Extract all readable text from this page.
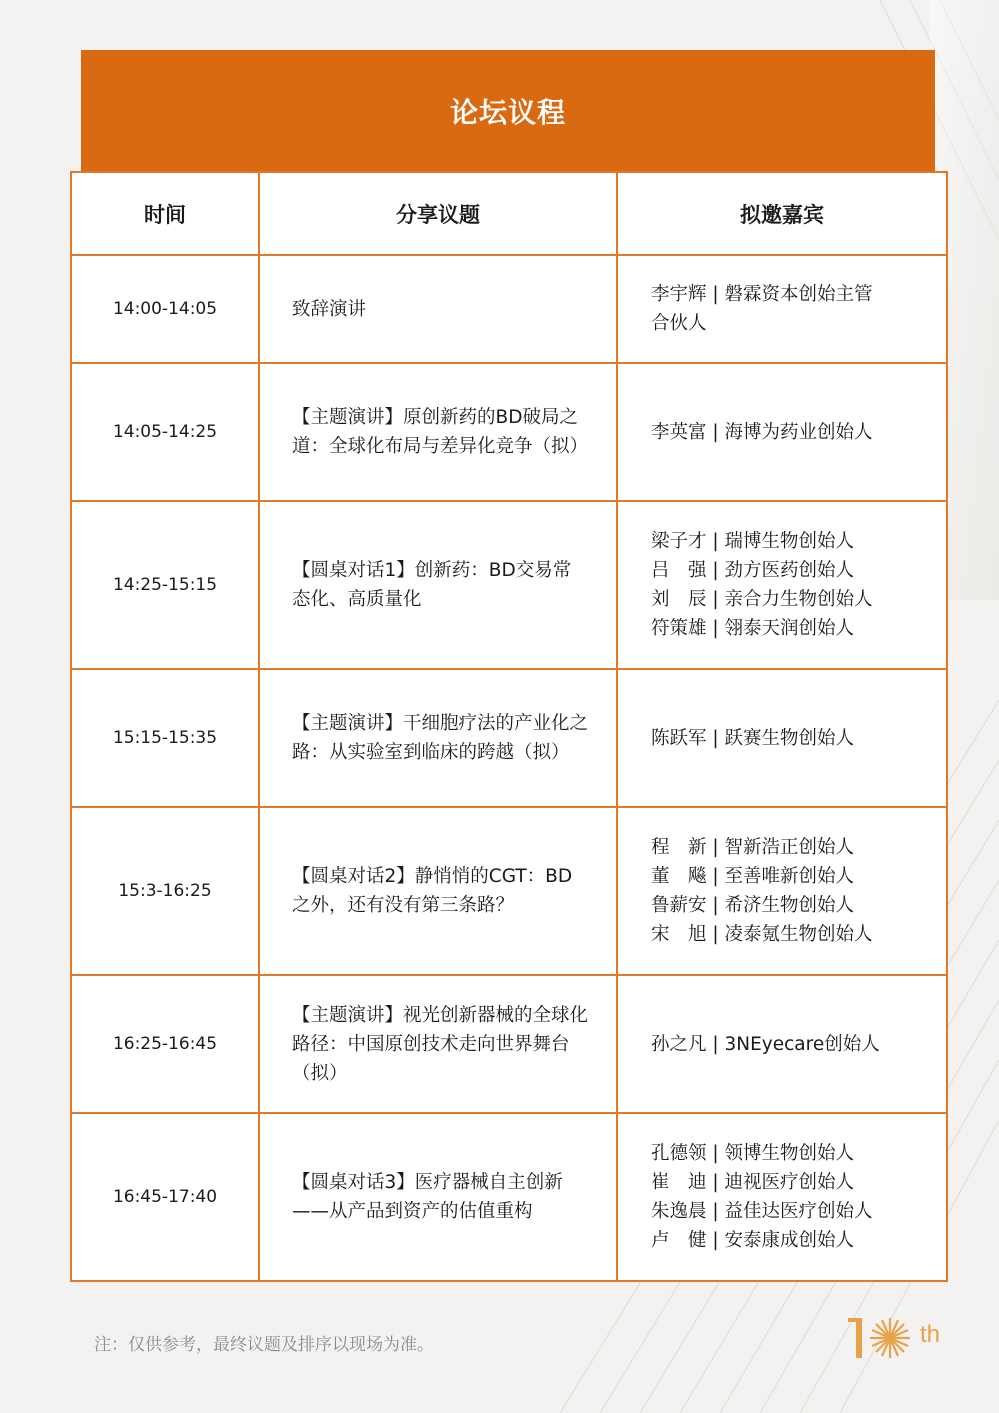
论坛议程
时间	分享议题	拟邀嘉宾
14:00-14:05	致辞演讲	李宇辉 | 磐霖资本创始主管
合伙人

14:05-14:25	【主题演讲】原创新药的BD破局之道：全球化布局与差异化竞争（拟）	李英富 | 海博为药业创始人

14:25-15:15	【圆桌对话1】创新药：BD交易常态化、高质量化	梁子才 | 瑞博生物创始人
吕　强 | 劲方医药创始人
刘　辰 | 亲合力生物创始人
符策雄 | 翎泰天润创始人

15:15-15:35	【主题演讲】干细胞疗法的产业化之路：从实验室到临床的跨越（拟）	陈跃军 | 跃赛生物创始人

15:3-16:25	【圆桌对话2】静悄悄的CGT：BD之外，还有没有第三条路？	程　新 | 智新浩正创始人
董　飚 | 至善唯新创始人
鲁薪安 | 希济生物创始人
宋　旭 | 凌泰氪生物创始人

16:25-16:45	【主题演讲】视光创新器械的全球化路径：中国原创技术走向世界舞台（拟）	孙之凡 | 3NEyecare创始人

16:45-17:40	【圆桌对话3】医疗器械自主创新——从产品到资产的估值重构	孔德领 | 领博生物创始人
崔　迪 | 迪视医疗创始人
朱逸晨 | 益佳达医疗创始人
卢　健 | 安泰康成创始人
注：仅供参考，最终议题及排序以现场为准。	th
